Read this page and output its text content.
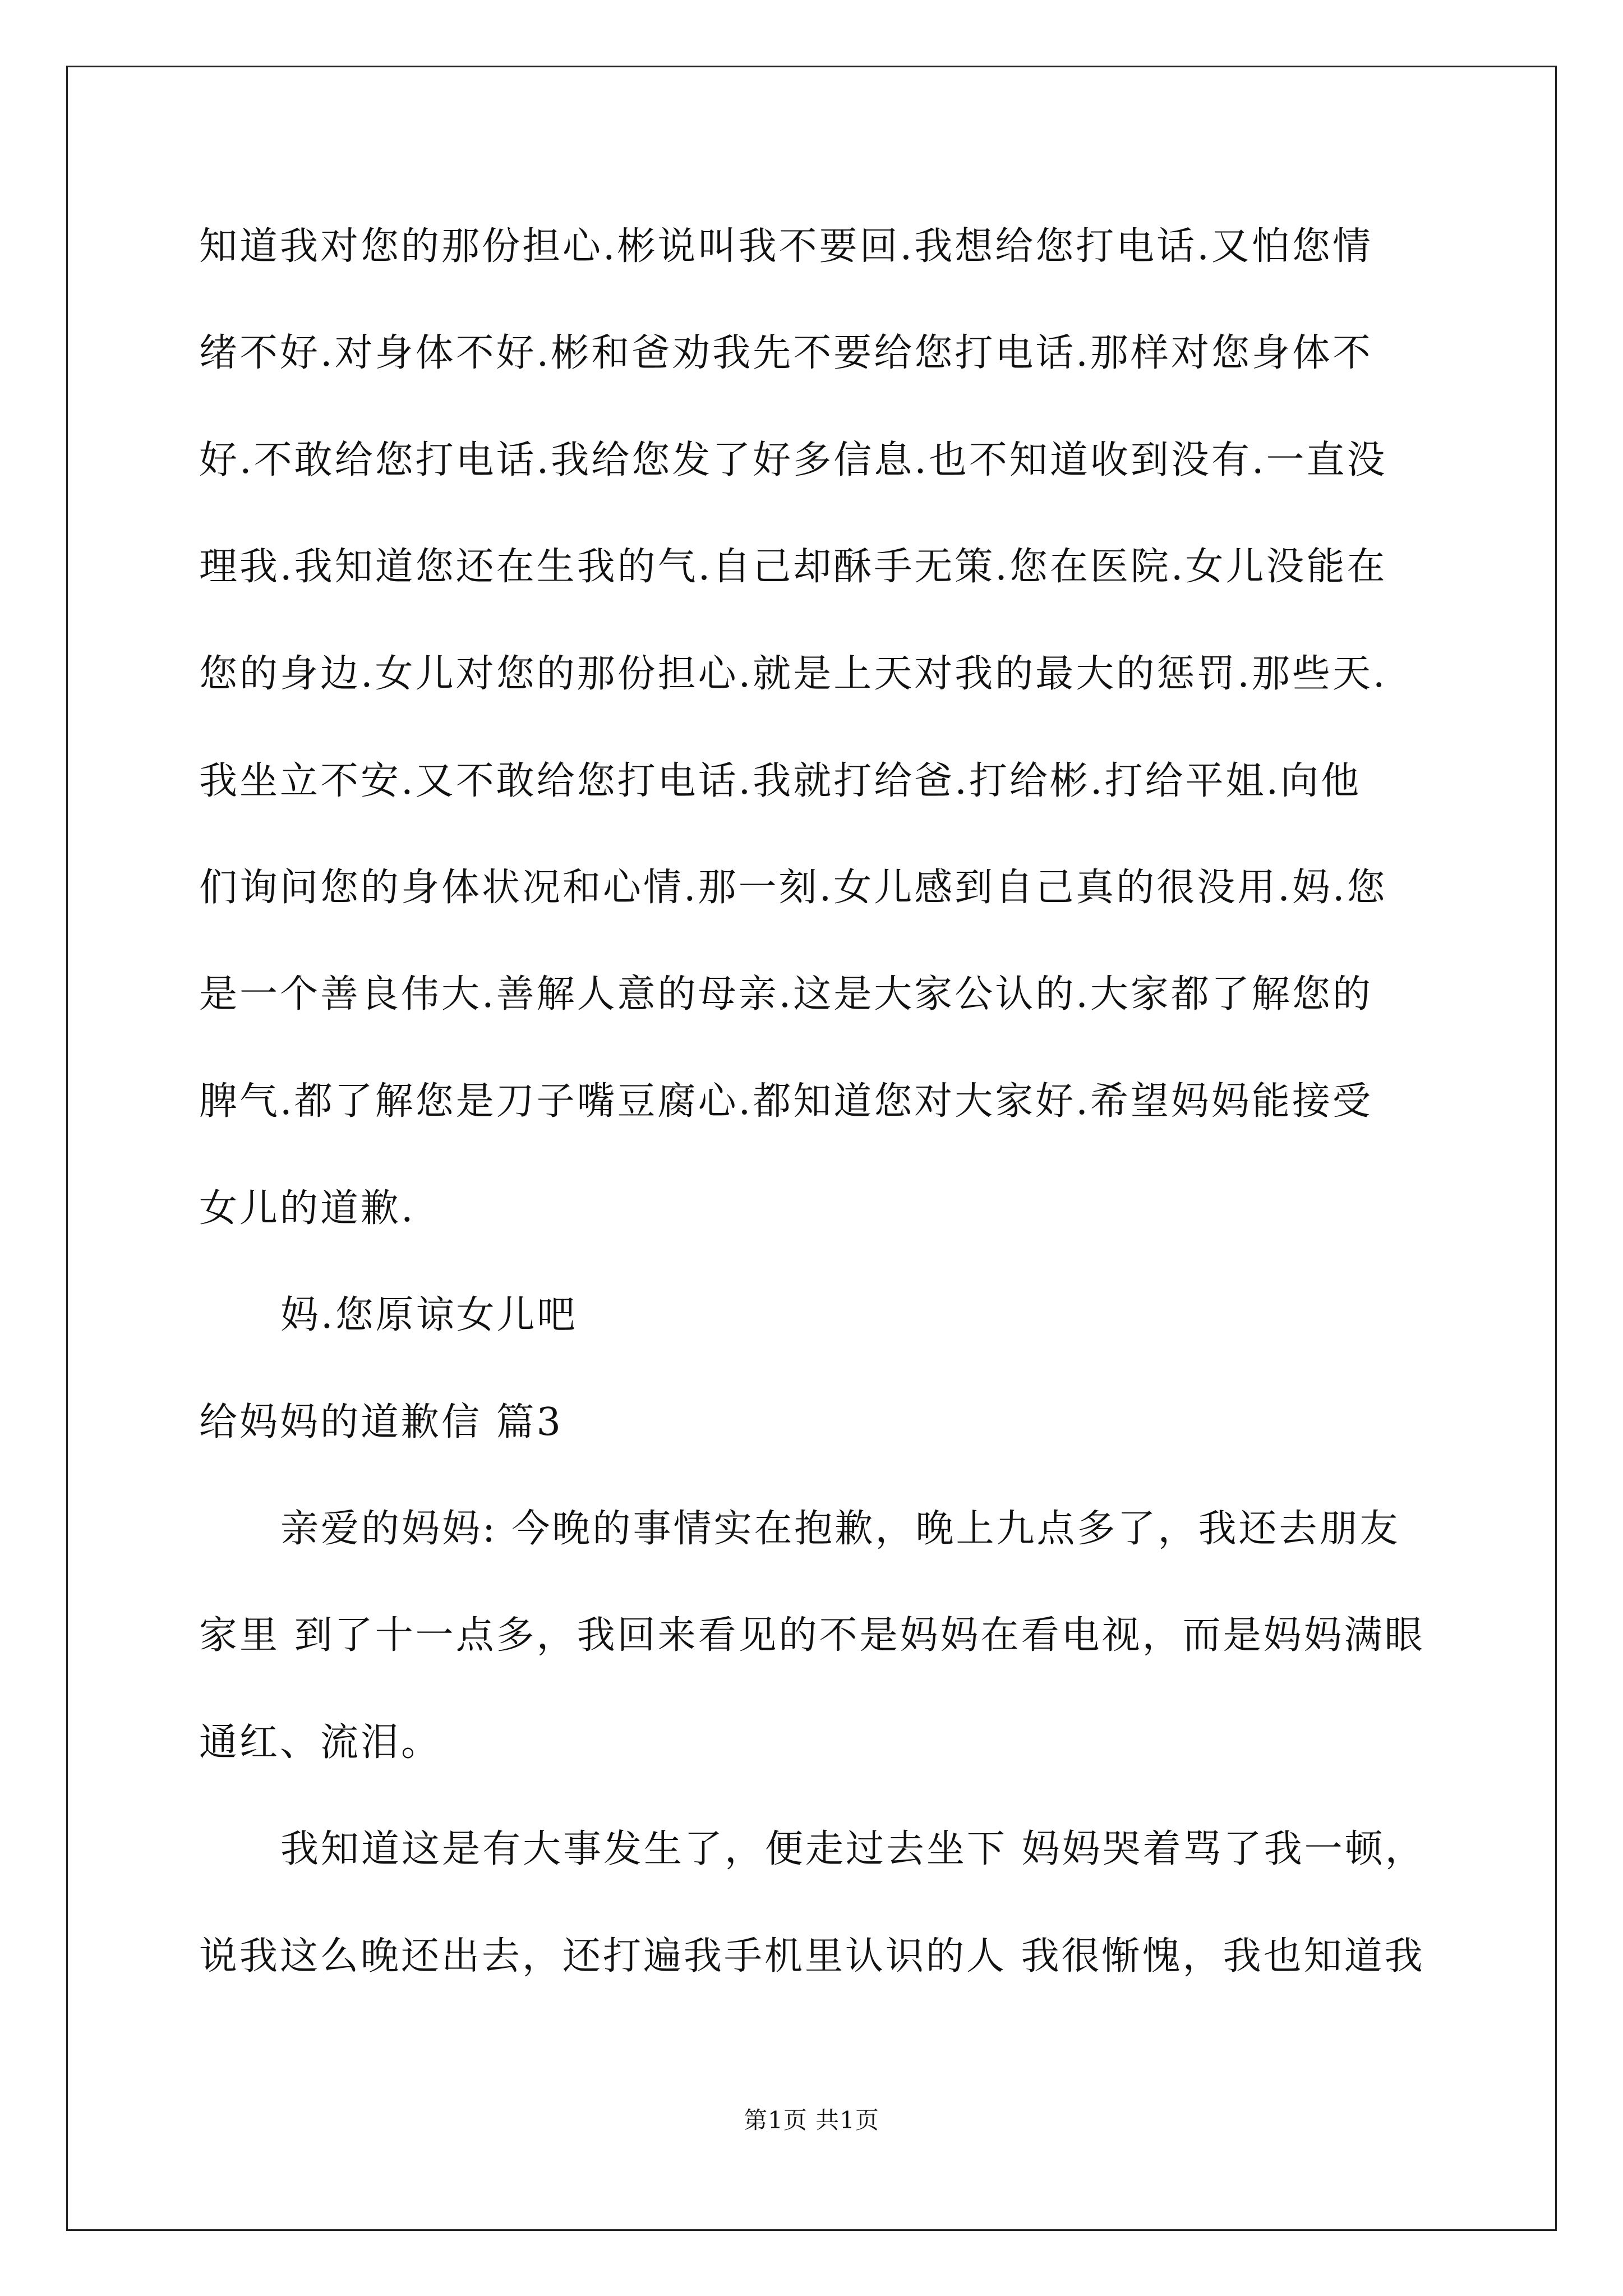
知道我对您的那份担心.彬说叫我不要回.我想给您打电话.又怕您情
绪不好.对身体不好.彬和爸劝我先不要给您打电话.那样对您身体不
好.不敢给您打电话.我给您发了好多信息.也不知道收到没有.一直没
理我.我知道您还在生我的气.自己却酥手无策.您在医院.女儿没能在
您的身边.女儿对您的那份担心.就是上天对我的最大的惩罚.那些天.
我坐立不安.又不敢给您打电话.我就打给爸.打给彬.打给平姐.向他
们询问您的身体状况和心情.那一刻.女儿感到自己真的很没用.妈.您
是一个善良伟大.善解人意的母亲.这是大家公认的.大家都了解您的
脾气.都了解您是刀子嘴豆腐心.都知道您对大家好.希望妈妈能接受
女儿的道歉.
妈.您原谅女儿吧
给妈妈的道歉信 篇3
亲爱的妈妈: 今晚的事情实在抱歉，晚上九点多了，我还去朋友
家里 到了十一点多，我回来看见的不是妈妈在看电视，而是妈妈满眼
通红、流泪。
我知道这是有大事发生了，便走过去坐下 妈妈哭着骂了我一顿，
说我这么晚还出去，还打遍我手机里认识的人 我很惭愧，我也知道我
第1页 共1页
